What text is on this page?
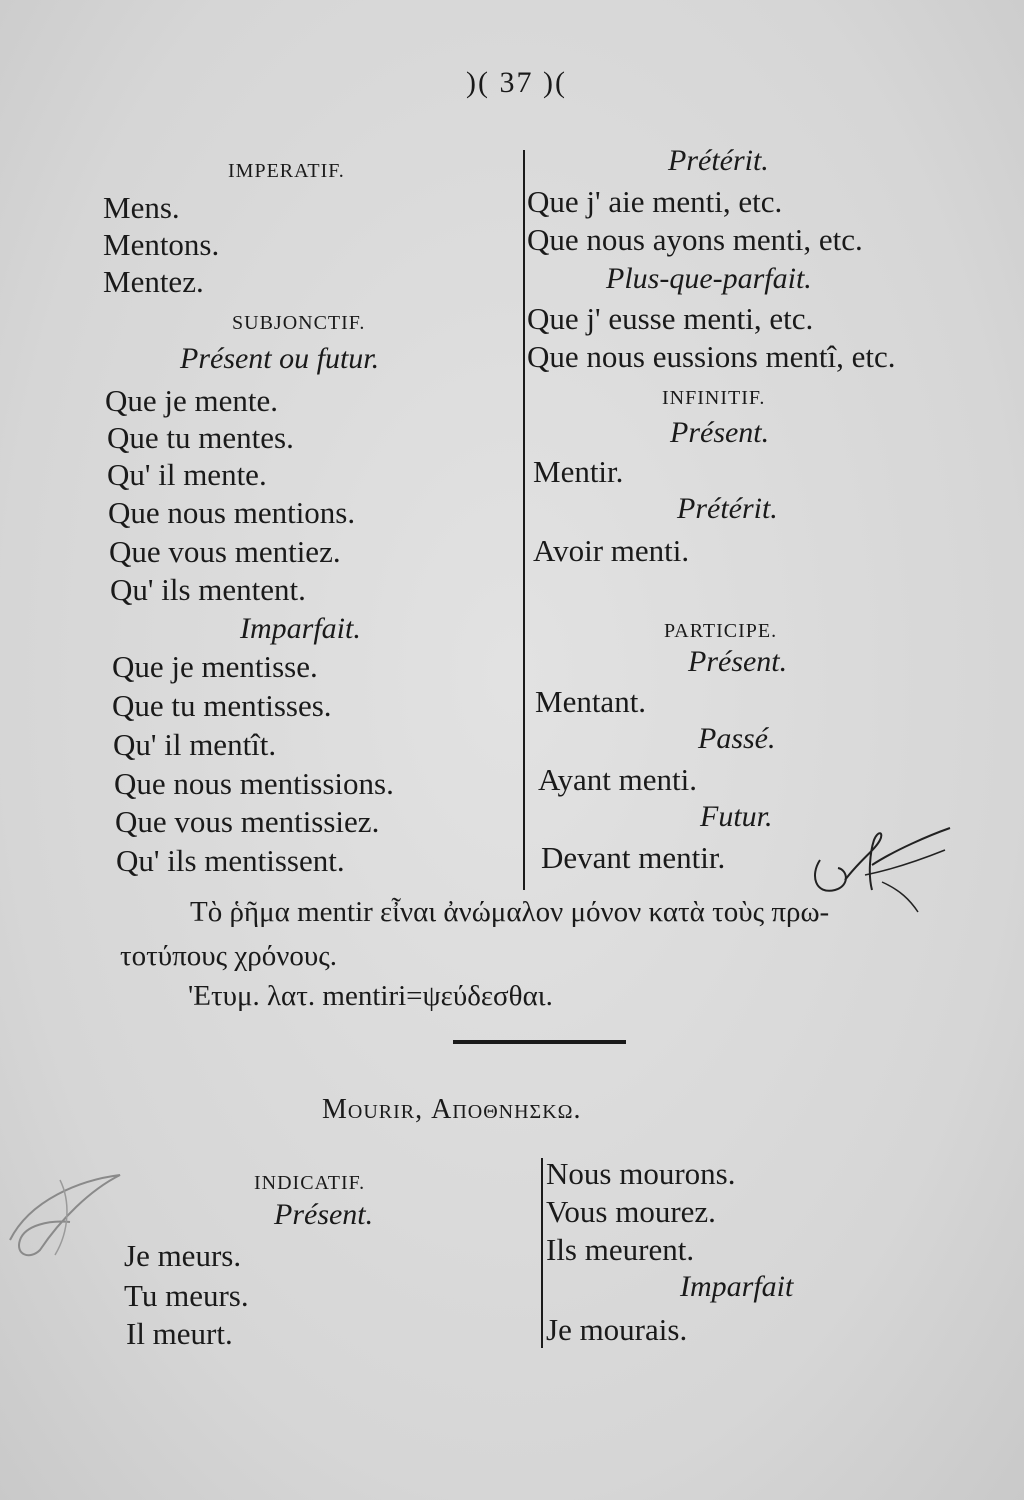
)( 37 )(
IMPERATIF.
Mens.
Mentons.
Mentez.
SUBJONCTIF.
Présent ou futur.
Que je mente.
Que tu mentes.
Qu' il mente.
Que nous mentions.
Que vous mentiez.
Qu' ils mentent.
Imparfait.
Que je mentisse.
Que tu mentisses.
Qu' il mentît.
Que nous mentissions.
Que vous mentissiez.
Qu' ils mentissent.
Prétérit.
Que j' aie menti, etc.
Que nous ayons menti, etc.
Plus-que-parfait.
Que j' eusse menti, etc.
Que nous eussions mentî, etc.
INFINITIF.
Présent.
Mentir.
Prétérit.
Avoir menti.
PARTICIPE.
Présent.
Mentant.
Passé.
Ayant menti.
Futur.
Devant mentir.
Τὸ ῥῆμα mentir εἶναι ἀνώμαλον μόνον κατὰ τοὺς πρω-
τοτύπους χρόνους.
'Ετυμ. λατ. mentiri=ψεύδεσθαι.
Mourir, Αποθνησκω.
INDICATIF.
Présent.
Je meurs.
Tu meurs.
Il meurt.
Nous mourons.
Vous mourez.
Ils meurent.
Imparfait
Je mourais.
